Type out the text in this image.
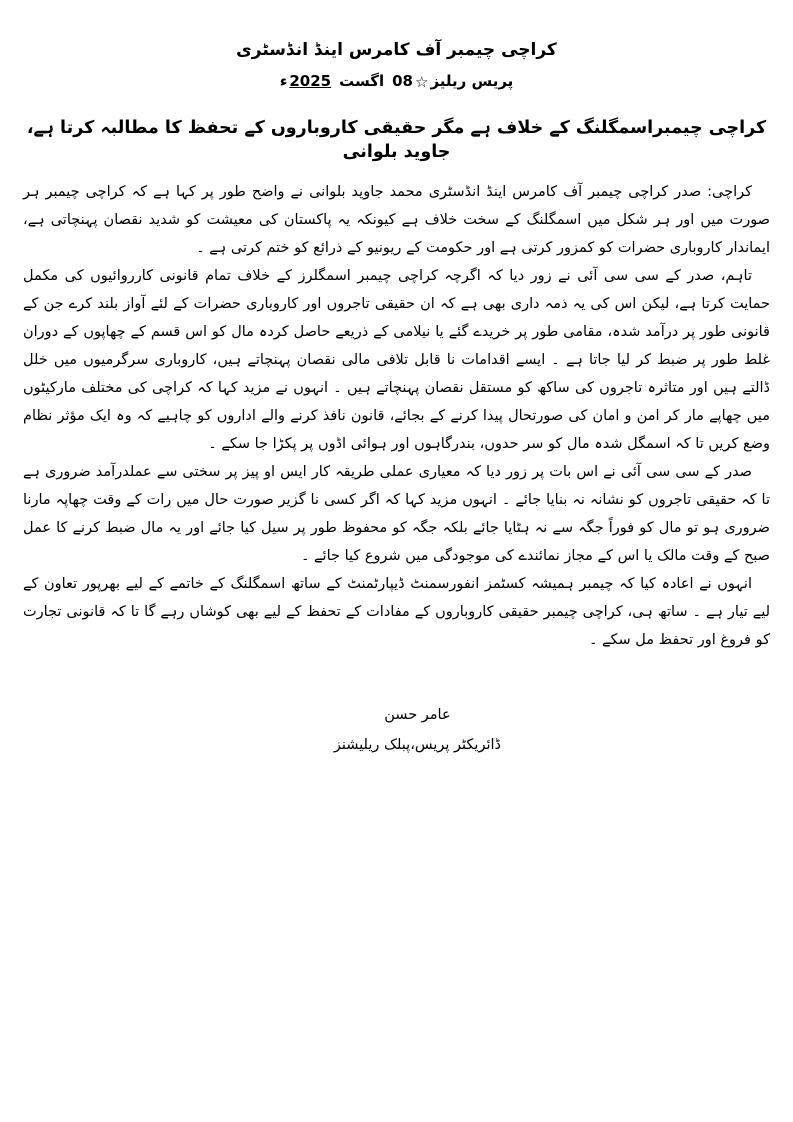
کراچی چیمبر آف کامرس اینڈ انڈسٹری
پریس ریلیز
☆
08
اگست
2025
ء
کراچی چیمبراسمگلنگ کے خلاف ہے مگر حقیقی کاروباروں کے تحفظ کا مطالبہ کرتا ہے، جاوید بلوانی

کراچی: صدر کراچی چیمبر آف کامرس اینڈ انڈسٹری محمد جاوید بلوانی نے واضح طور پر کہا ہے کہ کراچی چیمبر ہر صورت میں اور ہر شکل میں اسمگلنگ کے سخت خلاف ہے کیونکہ یہ پاکستان کی معیشت کو شدید نقصان پہنچاتی ہے، ایماندار کاروباری حضرات کو کمزور کرتی ہے اور حکومت کے ریونیو کے ذرائع کو ختم کرتی ہے ۔

تاہم، صدر کے سی سی آئی نے زور دیا کہ اگرچہ کراچی چیمبر اسمگلرز کے خلاف تمام قانونی کارروائیوں کی مکمل حمایت کرتا ہے، لیکن اس کی یہ ذمہ داری بھی ہے کہ ان حقیقی تاجروں اور کاروباری حضرات کے لئے آواز بلند کرے جن کے قانونی طور پر درآمد شدہ، مقامی طور پر خریدے گئے یا نیلامی کے ذریعے حاصل کردہ مال کو اس قسم کے چھاپوں کے دوران غلط طور پر ضبط کر لیا جاتا ہے ۔ ایسے اقدامات نا قابل تلافی مالی نقصان پہنچاتے ہیں، کاروباری سرگرمیوں میں خلل ڈالتے ہیں اور متاثرہ تاجروں کی ساکھ کو مستقل نقصان پہنچاتے ہیں ۔ انہوں نے مزید کہا کہ کراچی کی مختلف مارکیٹوں میں چھاپے مار کر امن و امان کی صورتحال پیدا کرنے کے بجائے، قانون نافذ کرنے والے اداروں کو چاہیے کہ وہ ایک مؤثر نظام وضع کریں تا کہ اسمگل شدہ مال کو سر حدوں، بندرگاہوں اور ہوائی اڈوں پر پکڑا جا سکے ۔

صدر کے سی سی آئی نے اس بات پر زور دیا کہ معیاری عملی طریقہ کار ایس او پیز پر سختی سے عملدرآمد ضروری ہے تا کہ حقیقی تاجروں کو نشانہ نہ بنایا جائے ۔ انہوں مزید کہا کہ اگر کسی نا گزیر صورت حال میں رات کے وقت چھاپہ مارنا ضروری ہو تو مال کو فوراً جگہ سے نہ ہٹایا جائے بلکہ جگہ کو محفوظ طور پر سیل کیا جائے اور یہ مال ضبط کرنے کا عمل صبح کے وقت مالک یا اس کے مجاز نمائندے کی موجودگی میں شروع کیا جائے ۔

انہوں نے اعادہ کیا کہ چیمبر ہمیشہ کسٹمز انفورسمنٹ ڈیپارٹمنٹ کے ساتھ اسمگلنگ کے خاتمے کے لیے بھرپور تعاون کے لیے تیار ہے ۔ ساتھ ہی، کراچی چیمبر حقیقی کاروباروں کے مفادات کے تحفظ کے لیے بھی کوشاں رہے گا تا کہ قانونی تجارت کو فروغ اور تحفظ مل سکے ۔

عامر حسن
ڈائریکٹر پریس،پبلک ریلیشنز
